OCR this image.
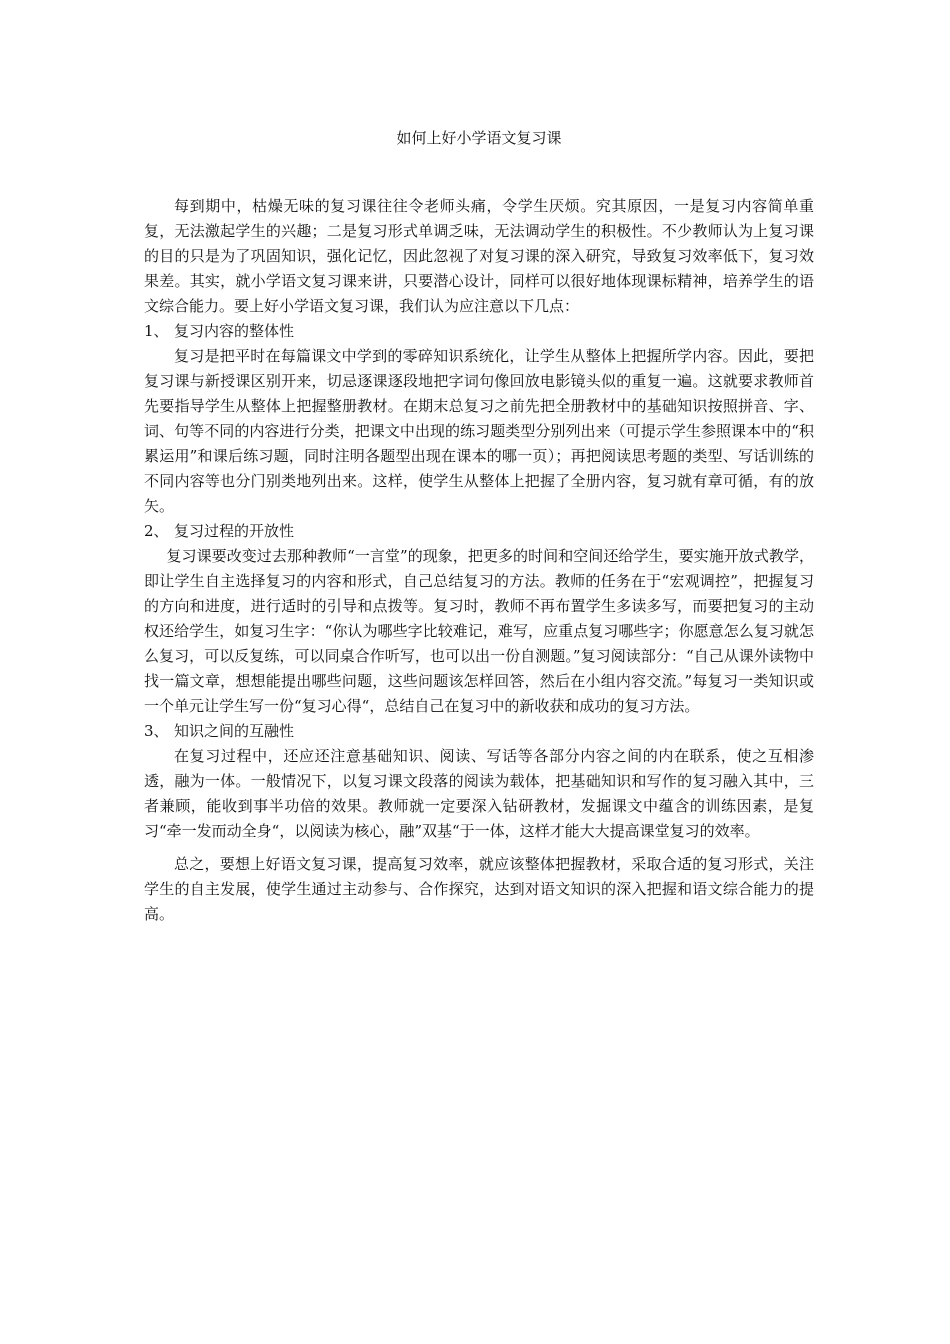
如何上好小学语文复习课

每到期中，枯燥无味的复习课往往令老师头痛，令学生厌烦。究其原因，一是复习内容简单重复，无法激起学生的兴趣；二是复习形式单调乏味，无法调动学生的积极性。不少教师认为上复习课的目的只是为了巩固知识，强化记忆，因此忽视了对复习课的深入研究，导致复习效率低下，复习效果差。其实，就小学语文复习课来讲，只要潜心设计，同样可以很好地体现课标精神，培养学生的语文综合能力。要上好小学语文复习课，我们认为应注意以下几点：

1、 复习内容的整体性

复习是把平时在每篇课文中学到的零碎知识系统化，让学生从整体上把握所学内容。因此，要把复习课与新授课区别开来，切忌逐课逐段地把字词句像回放电影镜头似的重复一遍。这就要求教师首先要指导学生从整体上把握整册教材。在期末总复习之前先把全册教材中的基础知识按照拼音、字、词、句等不同的内容进行分类，把课文中出现的练习题类型分别列出来（可提示学生参照课本中的“积累运用”和课后练习题，同时注明各题型出现在课本的哪一页）；再把阅读思考题的类型、写话训练的不同内容等也分门别类地列出来。这样，使学生从整体上把握了全册内容，复习就有章可循，有的放矢。

2、 复习过程的开放性

复习课要改变过去那种教师“一言堂”的现象，把更多的时间和空间还给学生，要实施开放式教学，即让学生自主选择复习的内容和形式，自己总结复习的方法。教师的任务在于“宏观调控”，把握复习的方向和进度，进行适时的引导和点拨等。复习时，教师不再布置学生多读多写，而要把复习的主动权还给学生，如复习生字：“你认为哪些字比较难记，难写，应重点复习哪些字；你愿意怎么复习就怎么复习，可以反复练，可以同桌合作听写，也可以出一份自测题。”复习阅读部分：“自己从课外读物中找一篇文章，想想能提出哪些问题，这些问题该怎样回答，然后在小组内容交流。”每复习一类知识或一个单元让学生写一份“复习心得“，总结自己在复习中的新收获和成功的复习方法。

3、 知识之间的互融性

在复习过程中，还应还注意基础知识、阅读、写话等各部分内容之间的内在联系，使之互相渗透，融为一体。一般情况下，以复习课文段落的阅读为载体，把基础知识和写作的复习融入其中，三者兼顾，能收到事半功倍的效果。教师就一定要深入钻研教材，发掘课文中蕴含的训练因素，是复习“牵一发而动全身“，以阅读为核心，融”双基“于一体，这样才能大大提高课堂复习的效率。

总之，要想上好语文复习课，提高复习效率，就应该整体把握教材，采取合适的复习形式，关注学生的自主发展，使学生通过主动参与、合作探究，达到对语文知识的深入把握和语文综合能力的提高。
